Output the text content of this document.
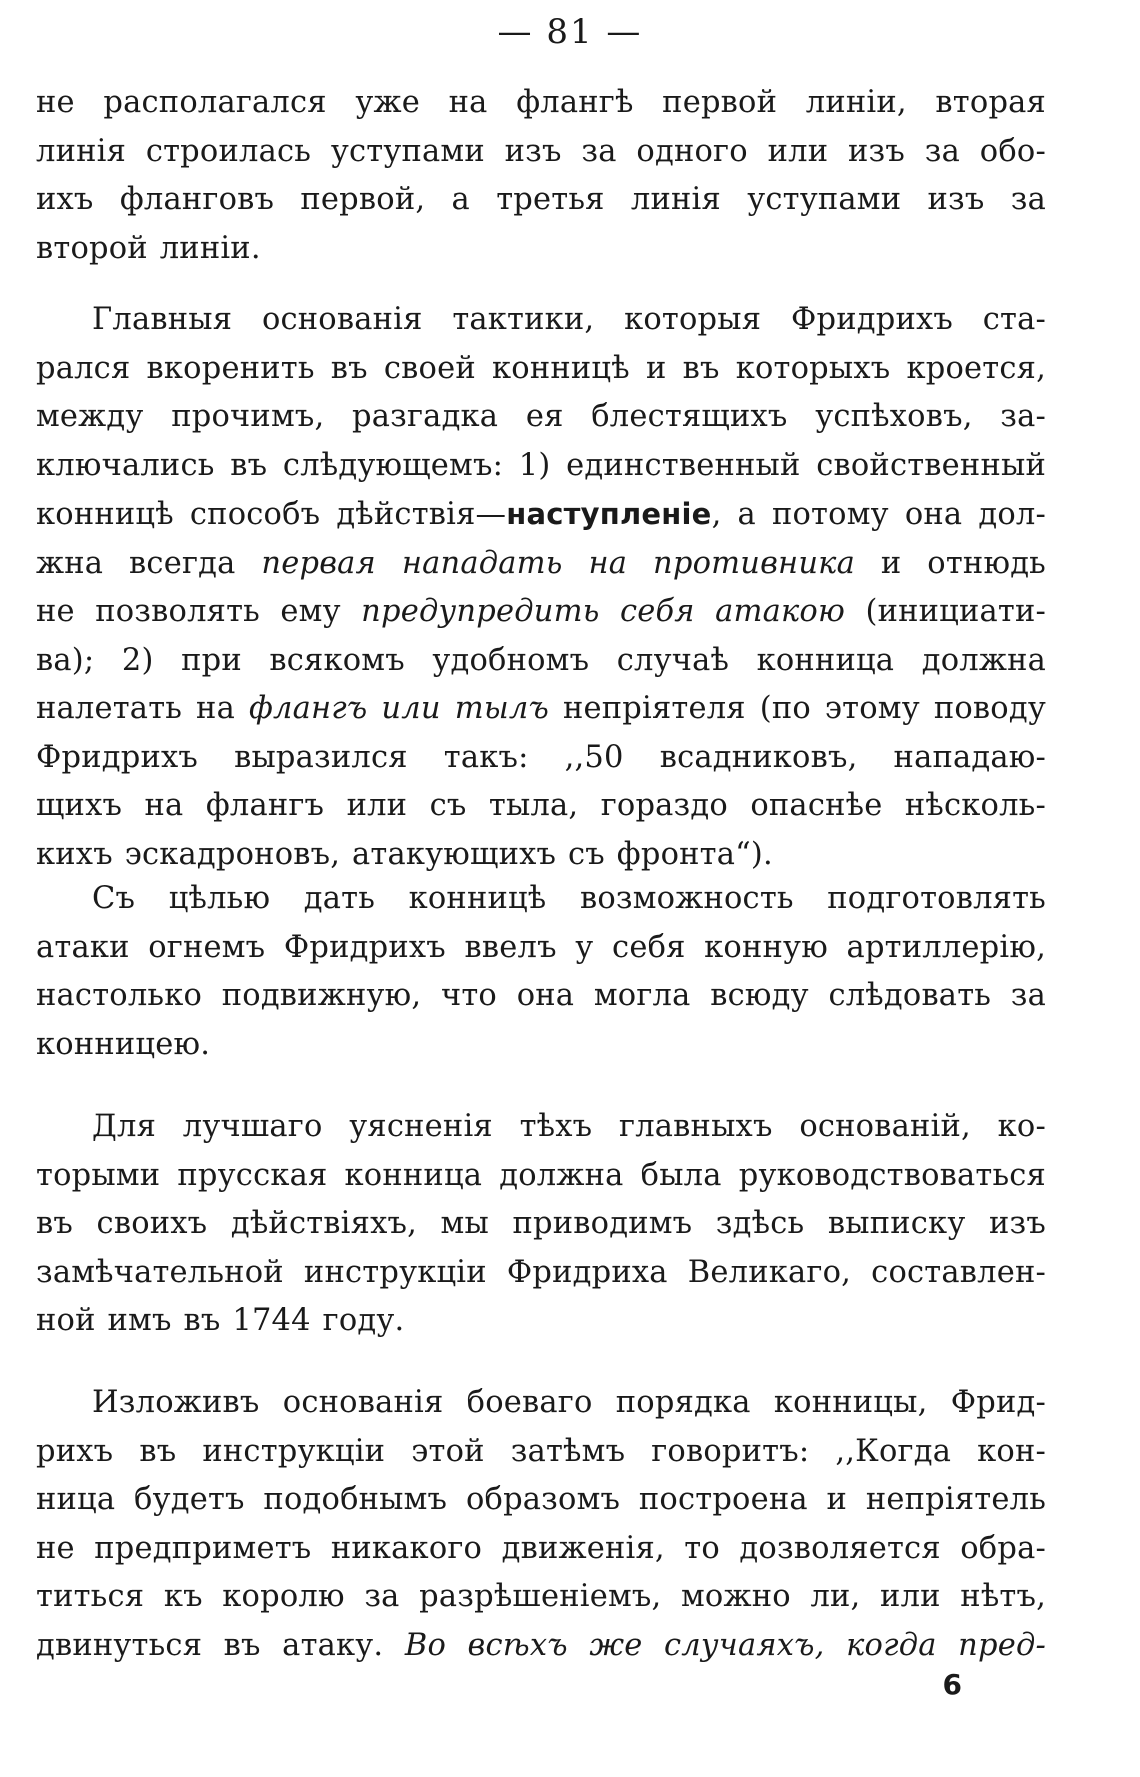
— 81 —
не располагался уже на флангѣ первой линіи, вторая
линія строилась уступами изъ за одного или изъ за обо-
ихъ фланговъ первой, а третья линія уступами изъ за
второй линіи.
Главныя основанія тактики, которыя Фридрихъ ста-
рался вкоренить въ своей конницѣ и въ которыхъ кроется,
между прочимъ, разгадка ея блестящихъ успѣховъ, за-
ключались въ слѣдующемъ: 1) единственный свойственный
конницѣ способъ дѣйствія—наступленіе, а потому она дол-
жна всегда первая нападать на противника и отнюдь
не позволять ему предупредить себя атакою (инициати-
ва); 2) при всякомъ удобномъ случаѣ конница должна
налетать на флангъ или тылъ непріятеля (по этому поводу
Фридрихъ выразился такъ: ,,50 всадниковъ, нападаю-
щихъ на флангъ или съ тыла, гораздо опаснѣе нѣсколь-
кихъ эскадроновъ, атакующихъ съ фронта“).
Съ цѣлью дать конницѣ возможность подготовлять
атаки огнемъ Фридрихъ ввелъ у себя конную артиллерію,
настолько подвижную, что она могла всюду слѣдовать за
конницею.
Для лучшаго уясненія тѣхъ главныхъ основаній, ко-
торыми прусская конница должна была руководствоваться
въ своихъ дѣйствіяхъ, мы приводимъ здѣсь выписку изъ
замѣчательной инструкціи Фридриха Великаго, составлен-
ной имъ въ 1744 году.
Изложивъ основанія боеваго порядка конницы, Фрид-
рихъ въ инструкціи этой затѣмъ говоритъ: ,,Когда кон-
ница будетъ подобнымъ образомъ построена и непріятель
не предприметъ никакого движенія, то дозволяется обра-
титься къ королю за разрѣшеніемъ, можно ли, или нѣтъ,
двинуться въ атаку. Во всѣхъ же случаяхъ, когда пред-
6
